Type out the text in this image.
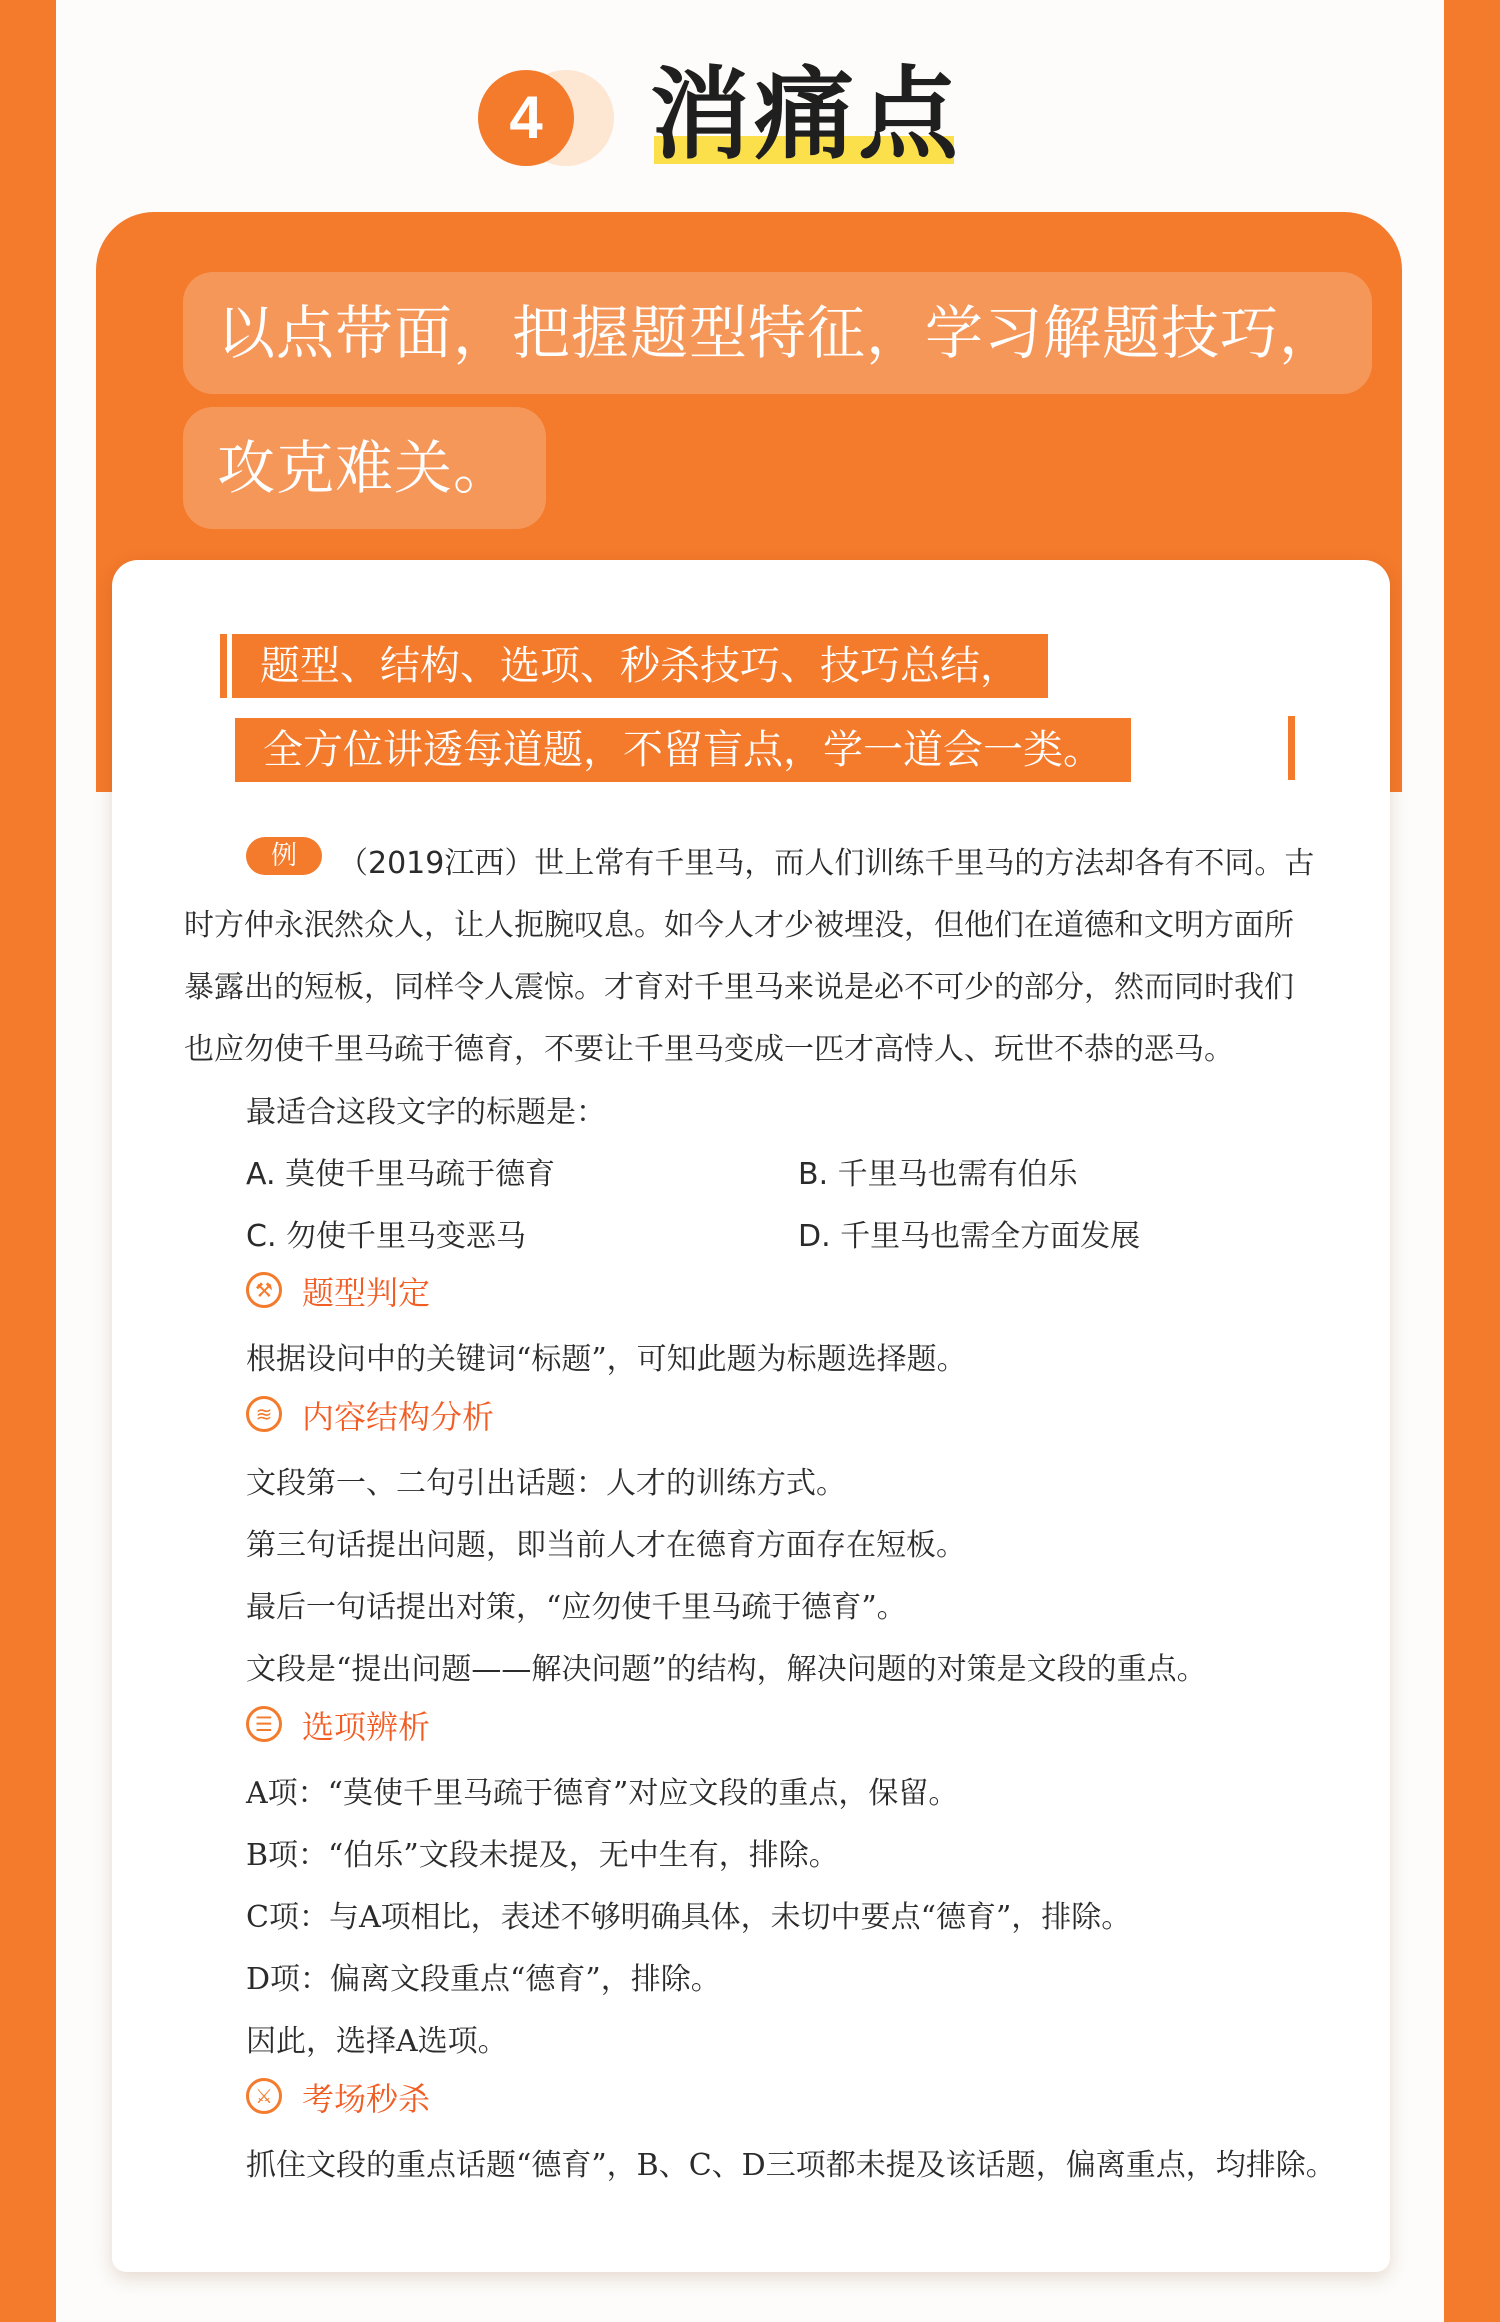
4	消痛点
以点带面，把握题型特征，学习解题技巧，
攻克难关。
题型、结构、选项、秒杀技巧、技巧总结，
全方位讲透每道题，不留盲点，学一道会一类。
例	（2019江西）世上常有千里马，而人们训练千里马的方法却各有不同。古
时方仲永泯然众人，让人扼腕叹息。如今人才少被埋没，但他们在道德和文明方面所
暴露出的短板，同样令人震惊。才育对千里马来说是必不可少的部分，然而同时我们
也应勿使千里马疏于德育，不要让千里马变成一匹才高恃人、玩世不恭的恶马。
最适合这段文字的标题是：
A. 莫使千里马疏于德育	B. 千里马也需有伯乐
C. 勿使千里马变恶马	D. 千里马也需全方面发展
⚒ 题型判定
根据设问中的关键词“标题”，可知此题为标题选择题。
≋ 内容结构分析
文段第一、二句引出话题：人才的训练方式。
第三句话提出问题，即当前人才在德育方面存在短板。
最后一句话提出对策，“应勿使千里马疏于德育”。
文段是“提出问题——解决问题”的结构，解决问题的对策是文段的重点。
☰ 选项辨析
A项：“莫使千里马疏于德育”对应文段的重点，保留。
B项：“伯乐”文段未提及，无中生有，排除。
C项：与A项相比，表述不够明确具体，未切中要点“德育”，排除。
D项：偏离文段重点“德育”，排除。
因此，选择A选项。
⚔ 考场秒杀
抓住文段的重点话题“德育”，B、C、D三项都未提及该话题，偏离重点，均排除。
